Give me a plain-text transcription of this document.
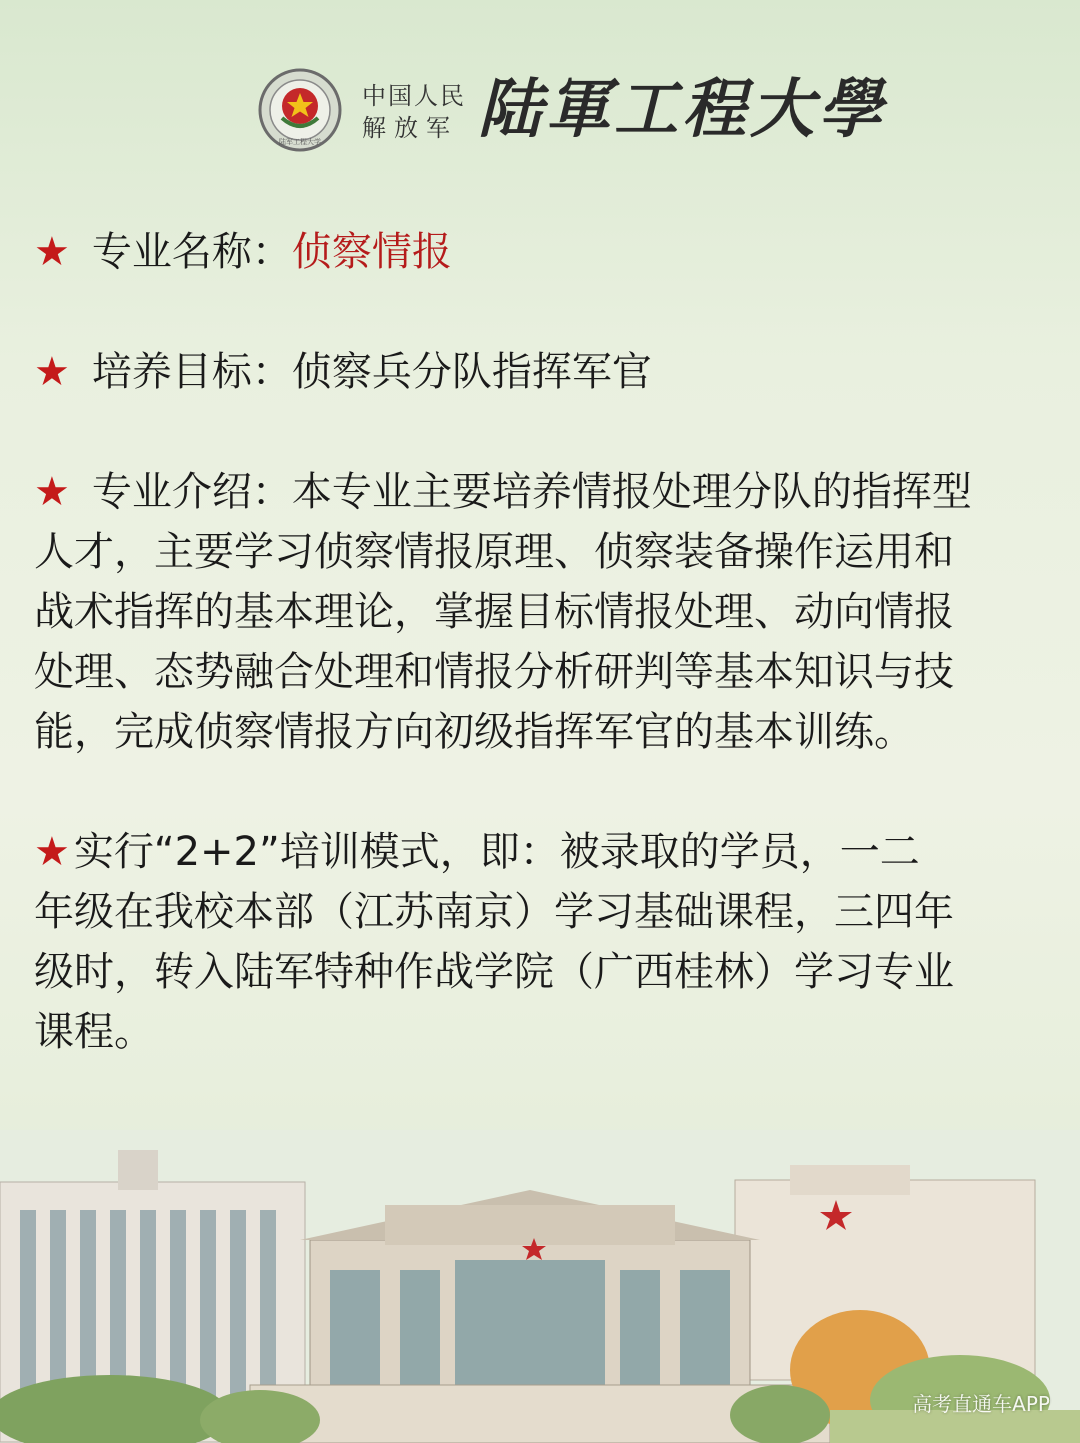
陆军工程大学
中国人民
解放军 陆軍工程大學

★ 专业名称：侦察情报

★ 培养目标：侦察兵分队指挥军官

★ 专业介绍：本专业主要培养情报处理分队的指挥型

人才，主要学习侦察情报原理、侦察装备操作运用和

战术指挥的基本理论，掌握目标情报处理、动向情报

处理、态势融合处理和情报分析研判等基本知识与技

能，完成侦察情报方向初级指挥军官的基本训练。

★ 实行“2+2”培训模式，即：被录取的学员，一二

年级在我校本部（江苏南京）学习基础课程，三四年

级时，转入陆军特种作战学院（广西桂林）学习专业

课程。

高考直通车APP
